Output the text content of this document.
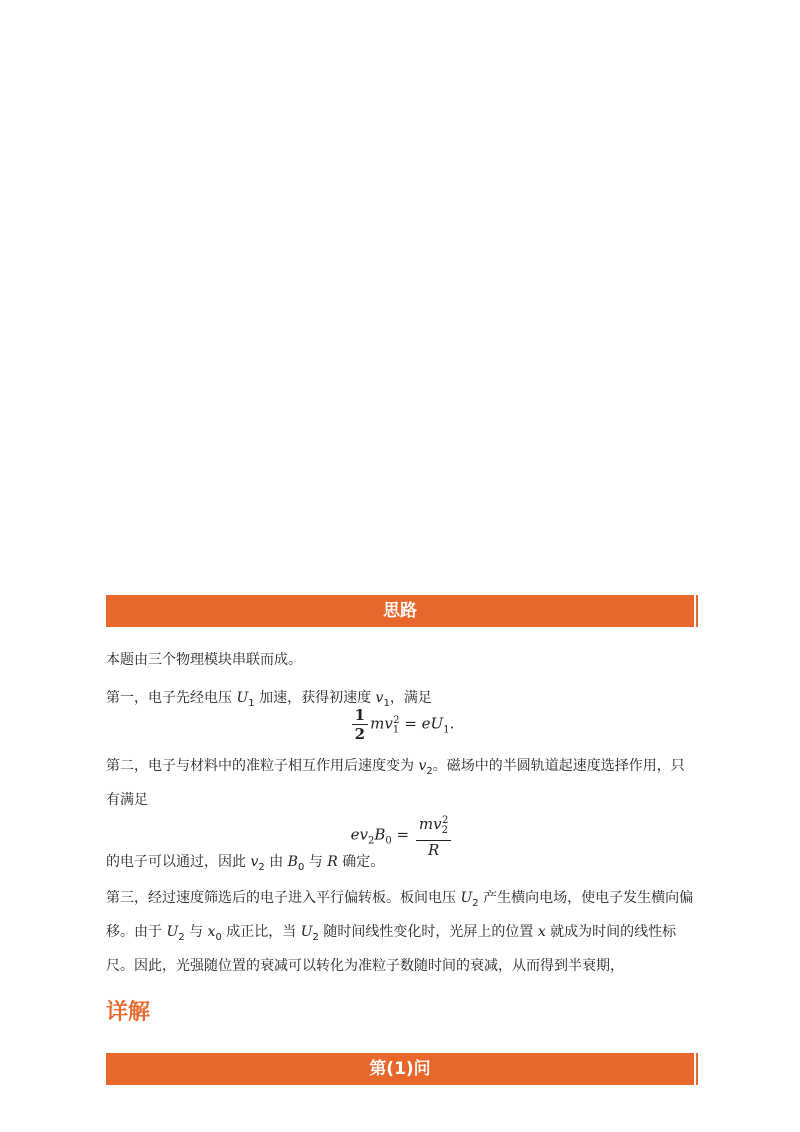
思路

本题由三个物理模块串联而成。

第一，电子先经电压 $U_1$ 加速，获得初速度 $v_1$，满足

$\frac{1}{2} mv_1^2 = eU_1$.

第二，电子与材料中的准粒子相互作用后速度变为 $v_2$。磁场中的半圆轨道起速度选择作用，只有满足

$ev_2B_0 = \frac{mv_2^2}{R}$

的电子可以通过，因此 $v_2$ 由 $B_0$ 与 R 确定。

第三，经过速度筛选后的电子进入平行偏转板。板间电压 $U_2$ 产生横向电场，使电子发生横向偏移。由于 $U_2$ 与 $x_0$ 成正比，当 $U_2$ 随时间线性变化时，光屏上的位置 x 就成为时间的线性标尺。因此，光强随位置的衰减可以转化为准粒子数随时间的衰减，从而得到半衰期，

详解
第(1)问
